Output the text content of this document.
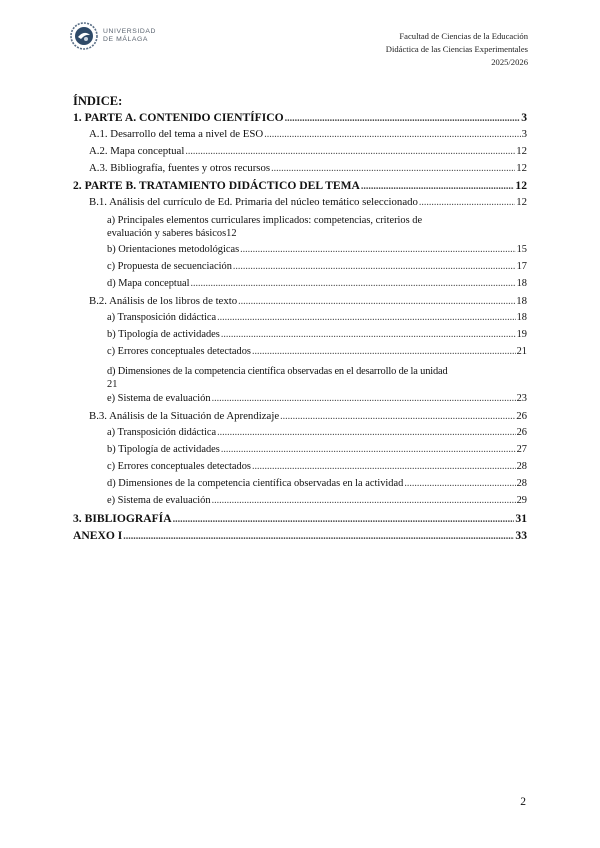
UNIVERSIDAD
DE MÁLAGA	Facultad de Ciencias de la Educación
Didáctica de las Ciencias Experimentales
2025/2026
ÍNDICE:
1. PARTE A. CONTENIDO CIENTÍFICO .....	3
A.1. Desarrollo del tema a nivel de ESO .....	3
A.2. Mapa conceptual .....	12
A.3. Bibliografía, fuentes y otros recursos .....	12
2. PARTE B. TRATAMIENTO DIDÁCTICO DEL TEMA .....	12
B.1. Análisis del currículo de Ed. Primaria del núcleo temático seleccionado .....	12
a) Principales elementos curriculares implicados: competencias, criterios de
evaluación y saberes básicos 12
b) Orientaciones metodológicas .....	15
c) Propuesta de secuenciación .....	17
d) Mapa conceptual .....	18
B.2. Análisis de los libros de texto .....	18
a) Transposición didáctica .....	18
b) Tipología de actividades .....	19
c) Errores conceptuales detectados .....	21
d) Dimensiones de la competencia científica observadas en el desarrollo de la unidad
21
e) Sistema de evaluación .....	23
B.3. Análisis de la Situación de Aprendizaje .....	26
a) Transposición didáctica .....	26
b) Tipología de actividades .....	27
c) Errores conceptuales detectados .....	28
d) Dimensiones de la competencia científica observadas en la actividad .....	28
e) Sistema de evaluación .....	29
3. BIBLIOGRAFÍA .....	31
ANEXO I .....	33
2
